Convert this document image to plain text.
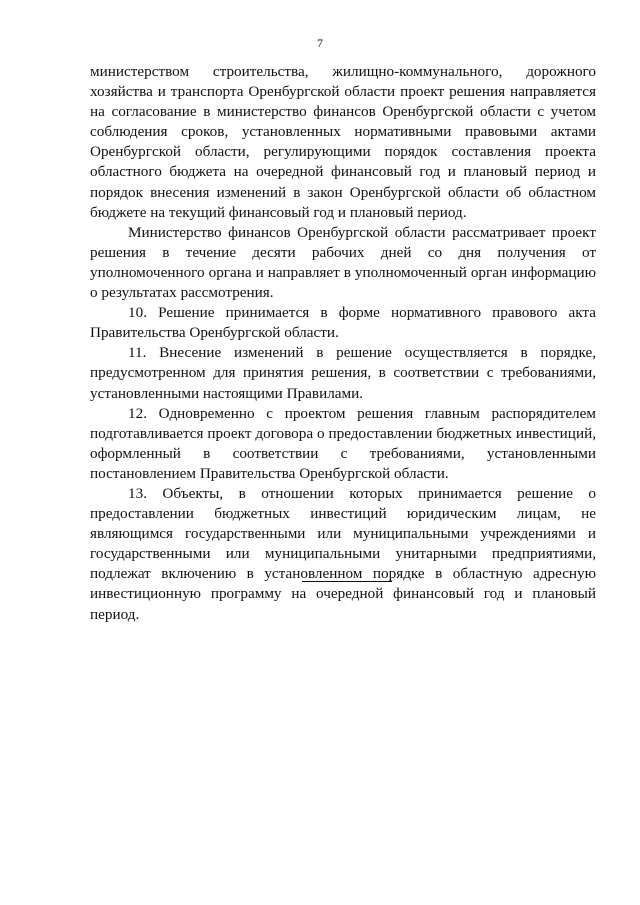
7

министерством строительства, жилищно-коммунального, дорожного хозяйства и транспорта Оренбургской области проект решения направляется на согласование в министерство финансов Оренбургской области с учетом соблюдения сроков, установленных нормативными правовыми актами Оренбургской области, регулирующими порядок составления проекта областного бюджета на очередной финансовый год и плановый период и порядок внесения изменений в закон Оренбургской области об областном бюджете на текущий финансовый год и плановый период.

Министерство финансов Оренбургской области рассматривает проект решения в течение десяти рабочих дней со дня получения от уполномоченного органа и направляет в уполномоченный орган информацию о результатах рассмотрения.

10. Решение принимается в форме нормативного правового акта Правительства Оренбургской области.

11. Внесение изменений в решение осуществляется в порядке, предусмотренном для принятия решения, в соответствии с требованиями, установленными настоящими Правилами.

12. Одновременно с проектом решения главным распорядителем подготавливается проект договора о предоставлении бюджетных инвестиций, оформленный в соответствии с требованиями, установленными постановлением Правительства Оренбургской области.

13. Объекты, в отношении которых принимается решение о предоставлении бюджетных инвестиций юридическим лицам, не являющимся государственными или муниципальными учреждениями и государственными или муниципальными унитарными предприятиями, подлежат включению в установленном порядке в областную адресную инвестиционную программу на очередной финансовый год и плановый период.
